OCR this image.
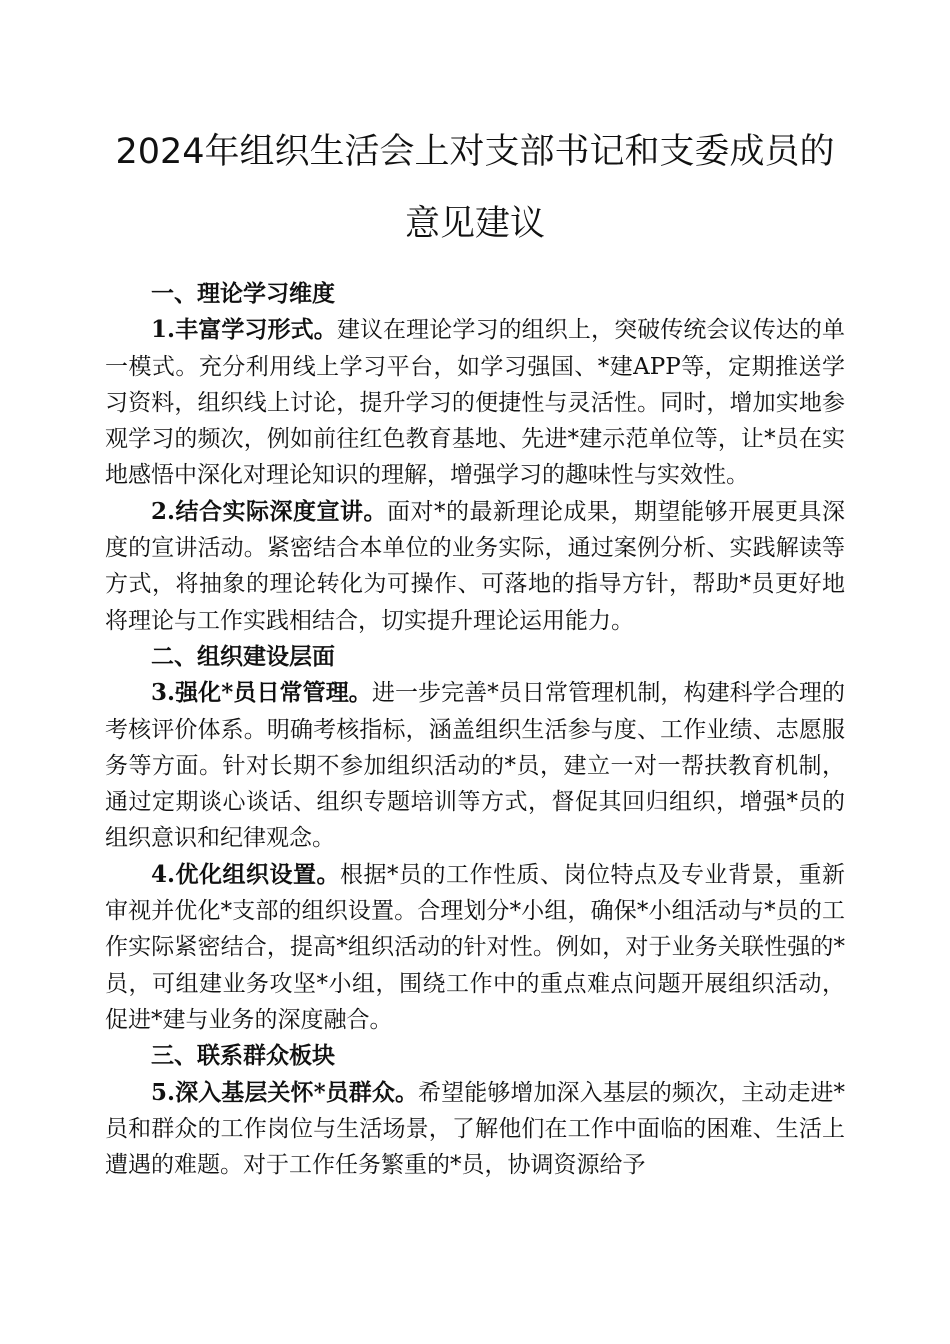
2024年组织生活会上对支部书记和支委成员的
意见建议

一、理论学习维度

1.丰富学习形式。建议在理论学习的组织上，突破传统会议传达的单一模式。充分利用线上学习平台，如学习强国、*建APP等，定期推送学习资料，组织线上讨论，提升学习的便捷性与灵活性。同时，增加实地参观学习的频次，例如前往红色教育基地、先进*建示范单位等，让*员在实地感悟中深化对理论知识的理解，增强学习的趣味性与实效性。

2.结合实际深度宣讲。面对*的最新理论成果，期望能够开展更具深度的宣讲活动。紧密结合本单位的业务实际，通过案例分析、实践解读等方式，将抽象的理论转化为可操作、可落地的指导方针，帮助*员更好地将理论与工作实践相结合，切实提升理论运用能力。

二、组织建设层面

3.强化*员日常管理。进一步完善*员日常管理机制，构建科学合理的考核评价体系。明确考核指标，涵盖组织生活参与度、工作业绩、志愿服务等方面。针对长期不参加组织活动的*员，建立一对一帮扶教育机制，通过定期谈心谈话、组织专题培训等方式，督促其回归组织，增强*员的组织意识和纪律观念。

4.优化组织设置。根据*员的工作性质、岗位特点及专业背景，重新审视并优化*支部的组织设置。合理划分*小组，确保*小组活动与*员的工作实际紧密结合，提高*组织活动的针对性。例如，对于业务关联性强的*员，可组建业务攻坚*小组，围绕工作中的重点难点问题开展组织活动，促进*建与业务的深度融合。

三、联系群众板块

5.深入基层关怀*员群众。希望能够增加深入基层的频次，主动走进*员和群众的工作岗位与生活场景，了解他们在工作中面临的困难、生活上遭遇的难题。对于工作任务繁重的*员，协调资源给予
